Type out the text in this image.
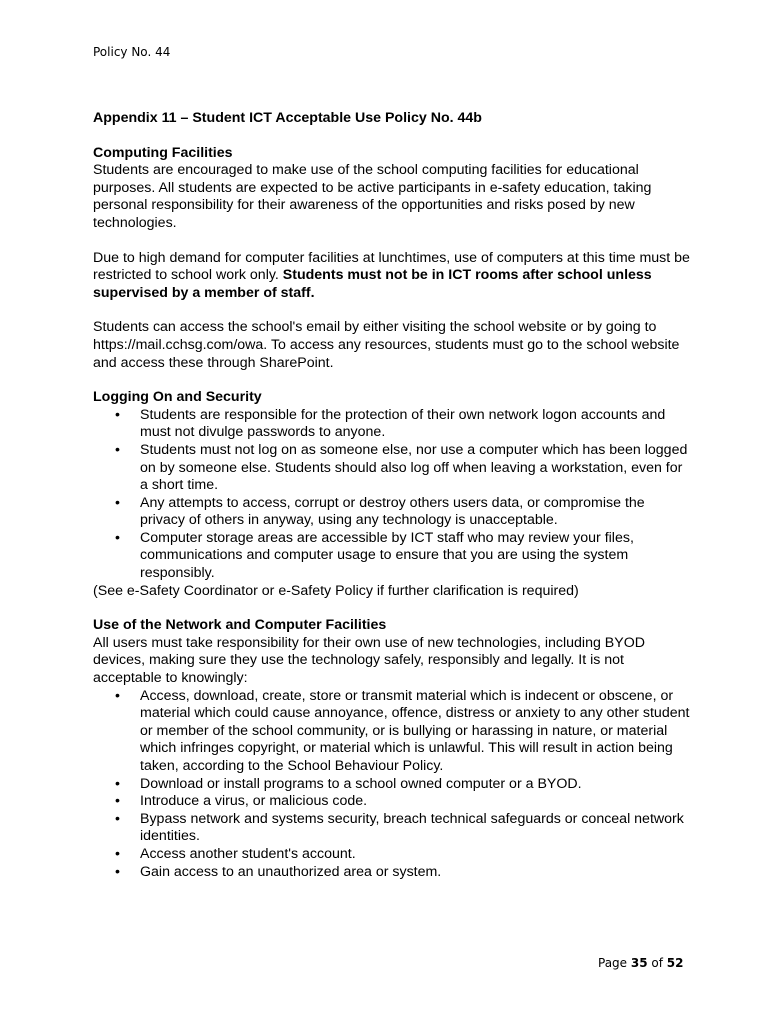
Policy No. 44
Appendix 11 – Student ICT Acceptable Use Policy No. 44b
Computing Facilities

Students are encouraged to make use of the school computing facilities for educational purposes. All students are expected to be active participants in e-safety education, taking personal responsibility for their awareness of the opportunities and risks posed by new technologies.

Due to high demand for computer facilities at lunchtimes, use of computers at this time must be restricted to school work only. Students must not be in ICT rooms after school unless supervised by a member of staff.

Students can access the school's email by either visiting the school website or by going to https://mail.cchsg.com/owa. To access any resources, students must go to the school website and access these through SharePoint.

Logging On and Security
• Students are responsible for the protection of their own network logon accounts and must not divulge passwords to anyone.
• Students must not log on as someone else, nor use a computer which has been logged on by someone else. Students should also log off when leaving a workstation, even for a short time.
• Any attempts to access, corrupt or destroy others users data, or compromise the privacy of others in anyway, using any technology is unacceptable.
• Computer storage areas are accessible by ICT staff who may review your files, communications and computer usage to ensure that you are using the system responsibly.
(See e-Safety Coordinator or e-Safety Policy if further clarification is required)
Use of the Network and Computer Facilities
All users must take responsibility for their own use of new technologies, including BYOD devices, making sure they use the technology safely, responsibly and legally. It is not acceptable to knowingly:
• Access, download, create, store or transmit material which is indecent or obscene, or material which could cause annoyance, offence, distress or anxiety to any other student or member of the school community, or is bullying or harassing in nature, or material which infringes copyright, or material which is unlawful. This will result in action being taken, according to the School Behaviour Policy.
• Download or install programs to a school owned computer or a BYOD.
• Introduce a virus, or malicious code.
• Bypass network and systems security, breach technical safeguards or conceal network identities.
• Access another student's account.
• Gain access to an unauthorized area or system.
Page 35 of 52
